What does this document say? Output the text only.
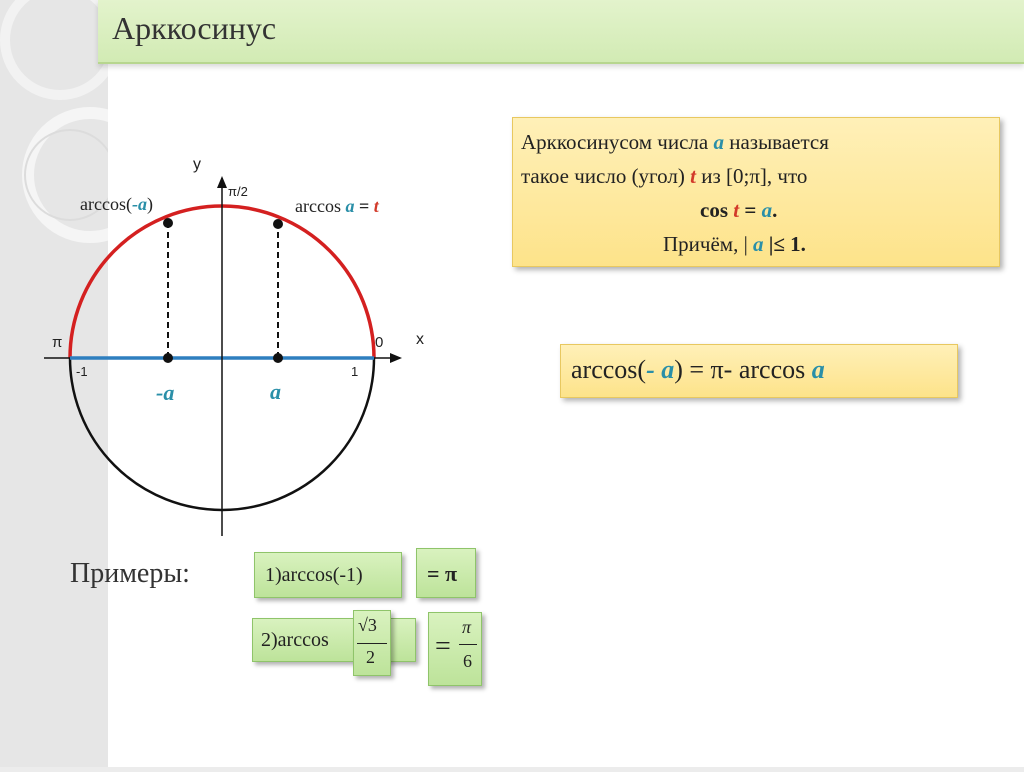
Арккосинус
y
x
π/2
π	0
-1	1
-a	a
arccos(-a)	arccos a = t
Арккосинусом числа a называется
такое число (угол) t из [0;π], что
cos t = a.
Причём, | a |≤ 1.
arccos(- a) = π- arccos a
Примеры:	1)arccos(-1)	= π
2)arccos
√3
2 =
π
6
